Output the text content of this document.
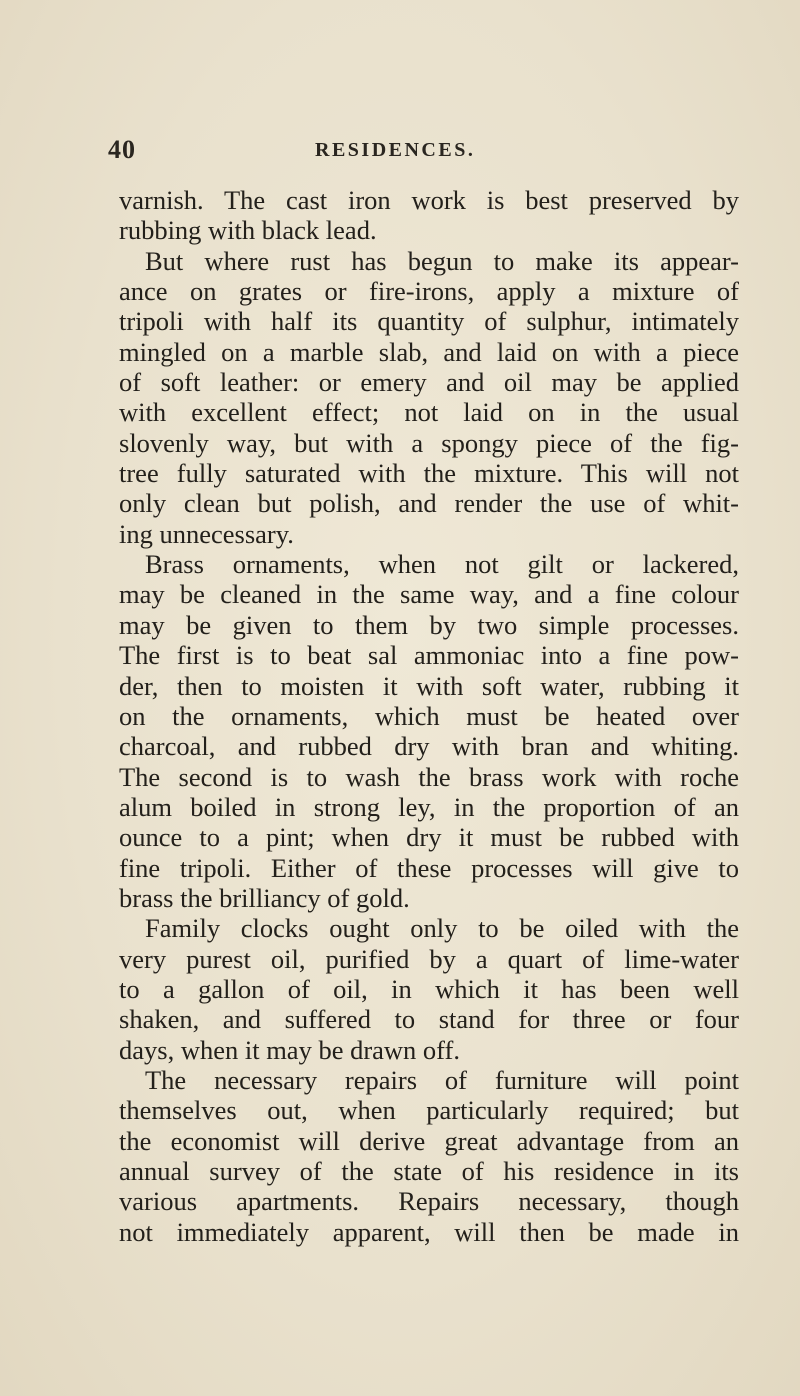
40	RESIDENCES.
varnish. The cast iron work is best preserved by
rubbing with black lead.
But where rust has begun to make its appear-
ance on grates or fire-irons, apply a mixture of
tripoli with half its quantity of sulphur, intimately
mingled on a marble slab, and laid on with a piece
of soft leather: or emery and oil may be applied
with excellent effect; not laid on in the usual
slovenly way, but with a spongy piece of the fig-
tree fully saturated with the mixture. This will not
only clean but polish, and render the use of whit-
ing unnecessary.
Brass ornaments, when not gilt or lackered,
may be cleaned in the same way, and a fine colour
may be given to them by two simple processes.
The first is to beat sal ammoniac into a fine pow-
der, then to moisten it with soft water, rubbing it
on the ornaments, which must be heated over
charcoal, and rubbed dry with bran and whiting.
The second is to wash the brass work with roche
alum boiled in strong ley, in the proportion of an
ounce to a pint; when dry it must be rubbed with
fine tripoli. Either of these processes will give to
brass the brilliancy of gold.
Family clocks ought only to be oiled with the
very purest oil, purified by a quart of lime-water
to a gallon of oil, in which it has been well
shaken, and suffered to stand for three or four
days, when it may be drawn off.
The necessary repairs of furniture will point
themselves out, when particularly required; but
the economist will derive great advantage from an
annual survey of the state of his residence in its
various apartments. Repairs necessary, though
not immediately apparent, will then be made in
